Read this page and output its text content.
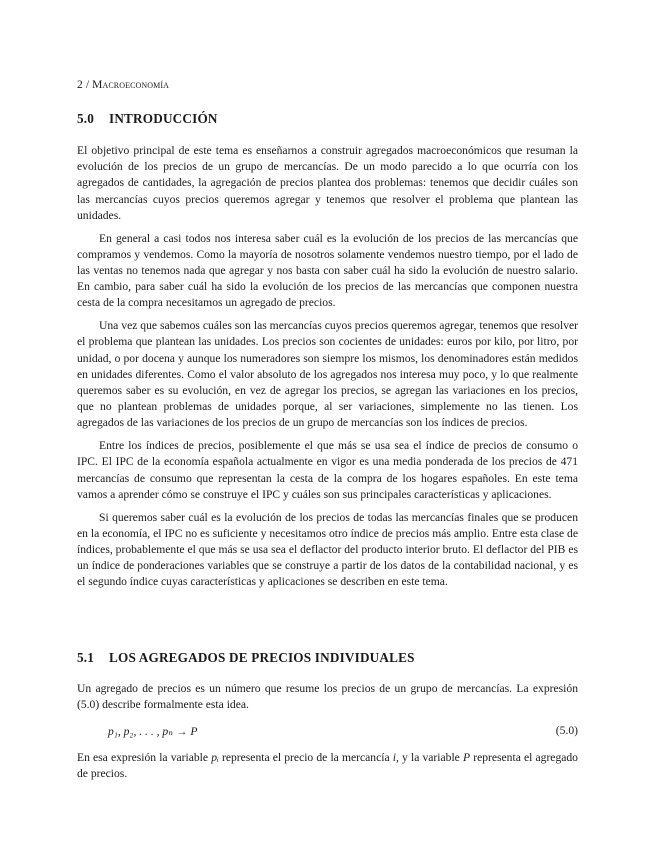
2 / Macroeconomía
5.0 INTRODUCCIÓN

El objetivo principal de este tema es enseñarnos a construir agregados macroeconómicos que resuman la evolución de los precios de un grupo de mercancías. De un modo parecido a lo que ocurría con los agregados de cantidades, la agregación de precios plantea dos problemas: tenemos que decidir cuáles son las mercancías cuyos precios queremos agregar y tenemos que resolver el problema que plantean las unidades.

En general a casi todos nos interesa saber cuál es la evolución de los precios de las mercancías que compramos y vendemos. Como la mayoría de nosotros solamente vendemos nuestro tiempo, por el lado de las ventas no tenemos nada que agregar y nos basta con saber cuál ha sido la evolución de nuestro salario. En cambio, para saber cuál ha sido la evolución de los precios de las mercancías que componen nuestra cesta de la compra necesitamos un agregado de precios.

Una vez que sabemos cuáles son las mercancías cuyos precios queremos agregar, tenemos que resolver el problema que plantean las unidades. Los precios son cocientes de unidades: euros por kilo, por litro, por unidad, o por docena y aunque los numeradores son siempre los mismos, los denominadores están medidos en unidades diferentes. Como el valor absoluto de los agregados nos interesa muy poco, y lo que realmente queremos saber es su evolución, en vez de agregar los precios, se agregan las variaciones en los precios, que no plantean problemas de unidades porque, al ser variaciones, simplemente no las tienen. Los agregados de las variaciones de los precios de un grupo de mercancías son los índices de precios.

Entre los índices de precios, posiblemente el que más se usa sea el índice de precios de consumo o IPC. El IPC de la economía española actualmente en vigor es una media ponderada de los precios de 471 mercancías de consumo que representan la cesta de la compra de los hogares españoles. En este tema vamos a aprender cómo se construye el IPC y cuáles son sus principales características y aplicaciones.

Si queremos saber cuál es la evolución de los precios de todas las mercancías finales que se producen en la economía, el IPC no es suficiente y necesitamos otro índice de precios más amplio. Entre esta clase de índices, probablemente el que más se usa sea el deflactor del producto interior bruto. El deflactor del PIB es un índice de ponderaciones variables que se construye a partir de los datos de la contabilidad nacional, y es el segundo índice cuyas características y aplicaciones se describen en este tema.

5.1 LOS AGREGADOS DE PRECIOS INDIVIDUALES

Un agregado de precios es un número que resume los precios de un grupo de mercancías. La expresión (5.0) describe formalmente esta idea.

p₁, p₂, . . . , pₙ → P	(5.0)

En esa expresión la variable pᵢ representa el precio de la mercancía i, y la variable P representa el agregado de precios.
